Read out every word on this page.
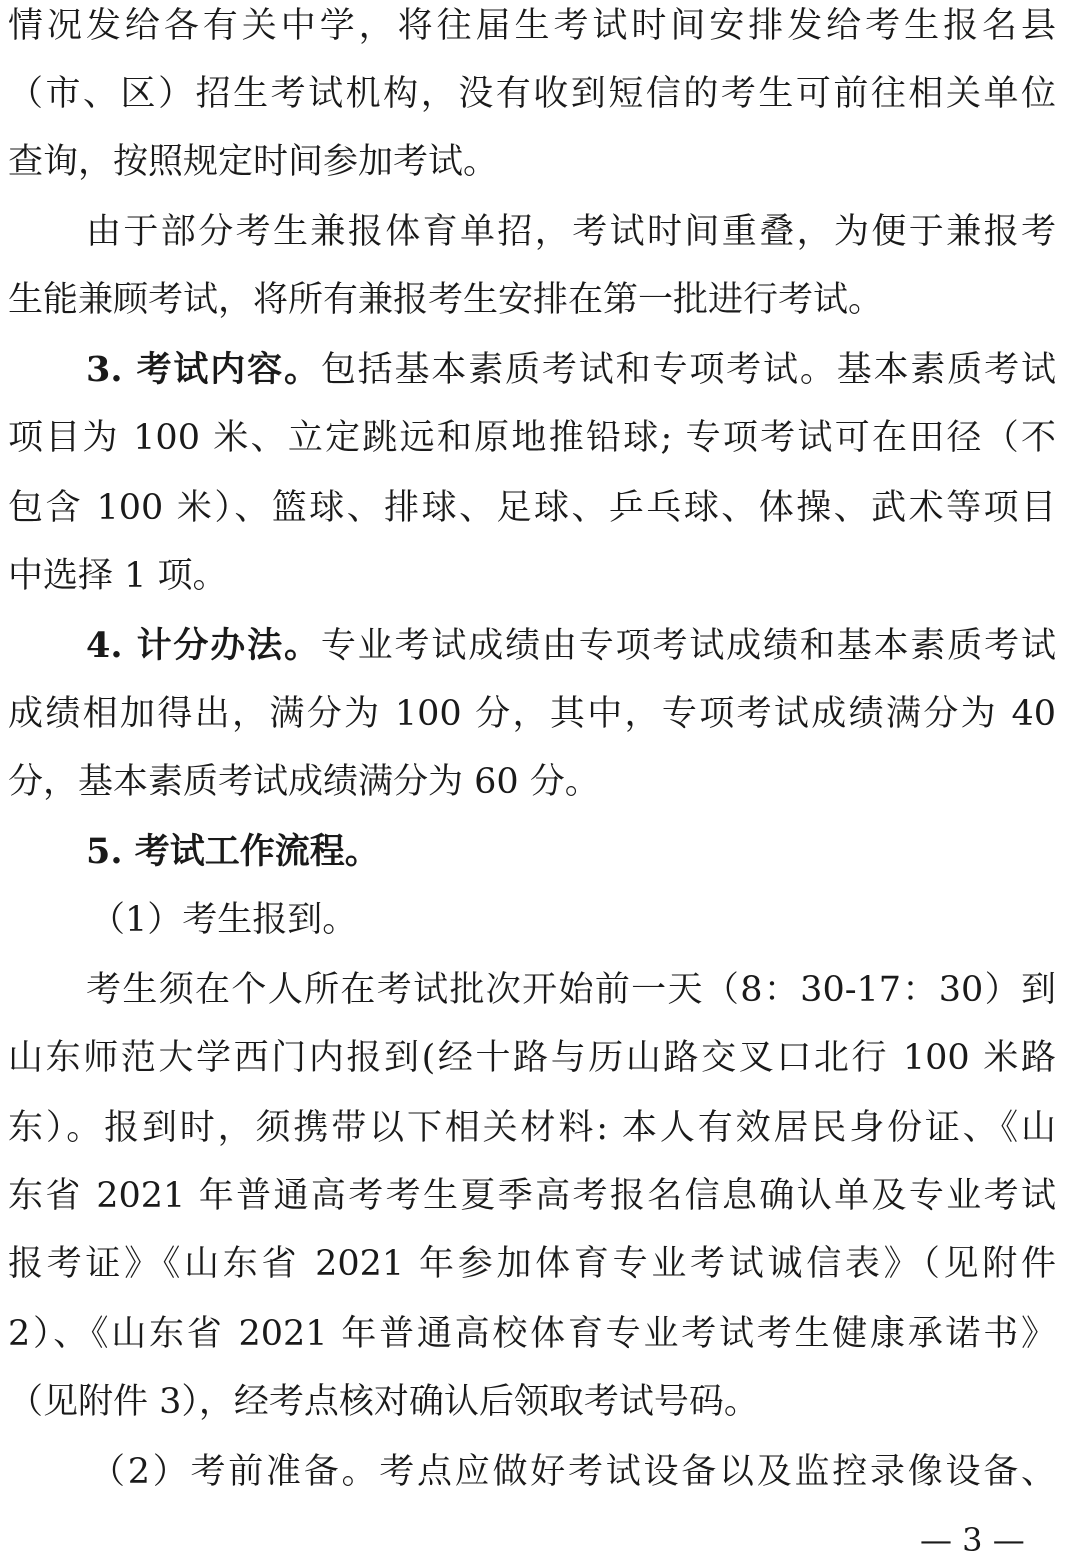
情况发给各有关中学，将往届生考试时间安排发给考生报名县
（市、区）招生考试机构，没有收到短信的考生可前往相关单位
查询，按照规定时间参加考试。
由于部分考生兼报体育单招，考试时间重叠，为便于兼报考
生能兼顾考试，将所有兼报考生安排在第一批进行考试。
3. 考试内容。包括基本素质考试和专项考试。基本素质考试
项目为 100 米、立定跳远和原地推铅球; 专项考试可在田径（不
包含 100 米）、篮球、排球、足球、乒乓球、体操、武术等项目
中选择 1 项。
4. 计分办法。专业考试成绩由专项考试成绩和基本素质考试
成绩相加得出，满分为 100 分，其中，专项考试成绩满分为 40
分，基本素质考试成绩满分为 60 分。
5. 考试工作流程。
（1）考生报到。
考生须在个人所在考试批次开始前一天（8：30-17：30）到
山东师范大学西门内报到(经十路与历山路交叉口北行 100 米路
东）。报到时，须携带以下相关材料: 本人有效居民身份证、《山
东省 2021 年普通高考考生夏季高考报名信息确认单及专业考试
报考证》《山东省 2021 年参加体育专业考试诚信表》（见附件
2）、《山东省 2021 年普通高校体育专业考试考生健康承诺书》
（见附件 3），经考点核对确认后领取考试号码。
（2）考前准备。考点应做好考试设备以及监控录像设备、
— 3 —
